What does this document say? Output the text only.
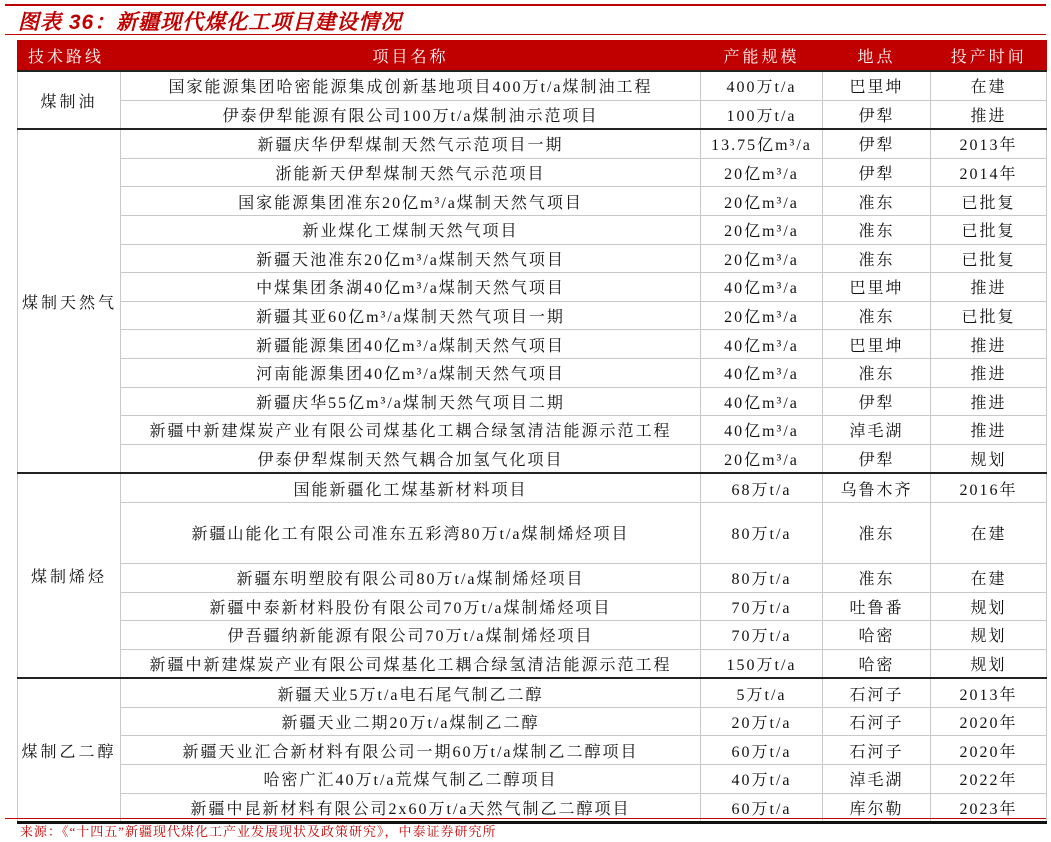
图表 36：新疆现代煤化工项目建设情况
技术路线	项目名称	产能规模	地点	投产时间
煤制油	国家能源集团哈密能源集成创新基地项目400万t/a煤制油工程	400万t/a	巴里坤	在建
	伊泰伊犁能源有限公司100万t/a煤制油示范项目	100万t/a	伊犁	推进
煤制天然气	新疆庆华伊犁煤制天然气示范项目一期	13.75亿m³/a	伊犁	2013年
	浙能新天伊犁煤制天然气示范项目	20亿m³/a	伊犁	2014年
	国家能源集团准东20亿m³/a煤制天然气项目	20亿m³/a	准东	已批复
	新业煤化工煤制天然气项目	20亿m³/a	准东	已批复
	新疆天池准东20亿m³/a煤制天然气项目	20亿m³/a	准东	已批复
	中煤集团条湖40亿m³/a煤制天然气项目	40亿m³/a	巴里坤	推进
	新疆其亚60亿m³/a煤制天然气项目一期	20亿m³/a	准东	已批复
	新疆能源集团40亿m³/a煤制天然气项目	40亿m³/a	巴里坤	推进
	河南能源集团40亿m³/a煤制天然气项目	40亿m³/a	准东	推进
	新疆庆华55亿m³/a煤制天然气项目二期	40亿m³/a	伊犁	推进
	新疆中新建煤炭产业有限公司煤基化工耦合绿氢清洁能源示范工程	40亿m³/a	淖毛湖	推进
	伊泰伊犁煤制天然气耦合加氢气化项目	20亿m³/a	伊犁	规划
煤制烯烃	国能新疆化工煤基新材料项目	68万t/a	乌鲁木齐	2016年
	新疆山能化工有限公司准东五彩湾80万t/a煤制烯烃项目	80万t/a	准东	在建
	新疆东明塑胶有限公司80万t/a煤制烯烃项目	80万t/a	准东	在建
	新疆中泰新材料股份有限公司70万t/a煤制烯烃项目	70万t/a	吐鲁番	规划
	伊吾疆纳新能源有限公司70万t/a煤制烯烃项目	70万t/a	哈密	规划
	新疆中新建煤炭产业有限公司煤基化工耦合绿氢清洁能源示范工程	150万t/a	哈密	规划
煤制乙二醇	新疆天业5万t/a电石尾气制乙二醇	5万t/a	石河子	2013年
	新疆天业二期20万t/a煤制乙二醇	20万t/a	石河子	2020年
	新疆天业汇合新材料有限公司一期60万t/a煤制乙二醇项目	60万t/a	石河子	2020年
	哈密广汇40万t/a荒煤气制乙二醇项目	40万t/a	淖毛湖	2022年
	新疆中昆新材料有限公司2x60万t/a天然气制乙二醇项目	60万t/a	库尔勒	2023年
来源：《“十四五”新疆现代煤化工产业发展现状及政策研究》，中泰证券研究所
